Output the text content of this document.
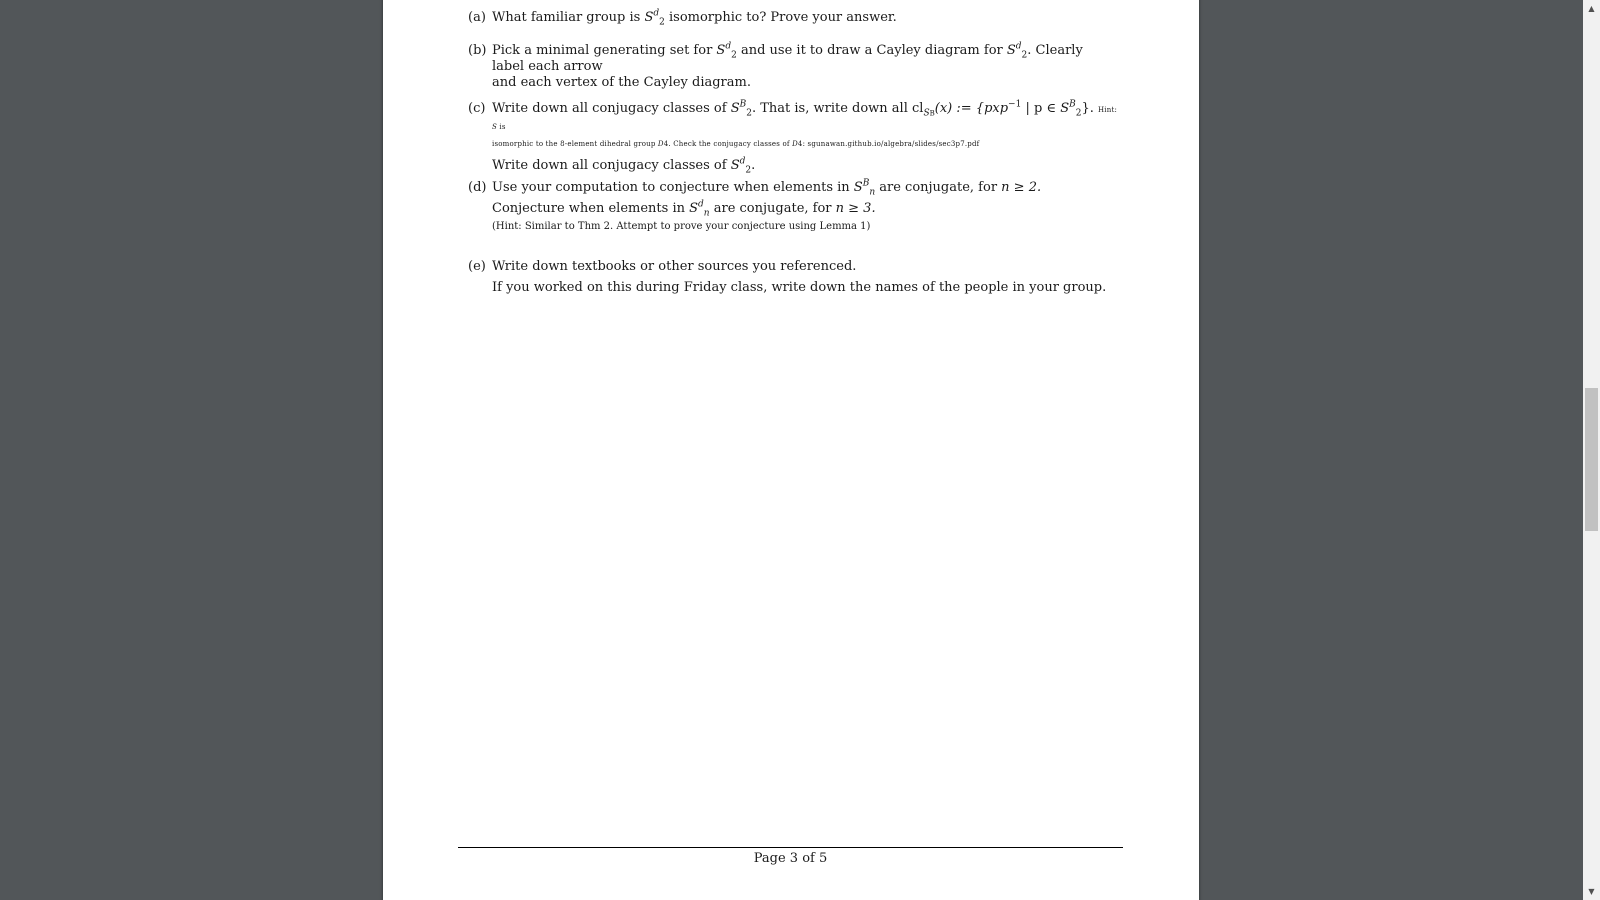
(a) What familiar group is $S^d_2$ isomorphic to? Prove your answer.
(b) Pick a minimal generating set for $S^d_2$ and use it to draw a Cayley diagram for $S^d_2$. Clearly label each arrow
and each vertex of the Cayley diagram.
(c) Write down all conjugacy classes of $S^B_2$. That is, write down all $cl_{SB}(x)$ := {pxp$^{-1}$ | p ∈ $S^B_2$}. Hint: S is
isomorphic to the 8-element dihedral group D4. Check the conjugacy classes of D4: sgunawan.github.io/algebra/slides/sec3p7.pdf
Write down all conjugacy classes of $S^d_2$.
(d) Use your computation to conjecture when elements in $S^B_n$ are conjugate, for n ≥ 2.
Conjecture when elements in $S^d_n$ are conjugate, for n ≥ 3.
(Hint: Similar to Thm 2. Attempt to prove your conjecture using Lemma 1)
(e) Write down textbooks or other sources you referenced.
If you worked on this during Friday class, write down the names of the people in your group.
Page 3 of 5
▲
▼
